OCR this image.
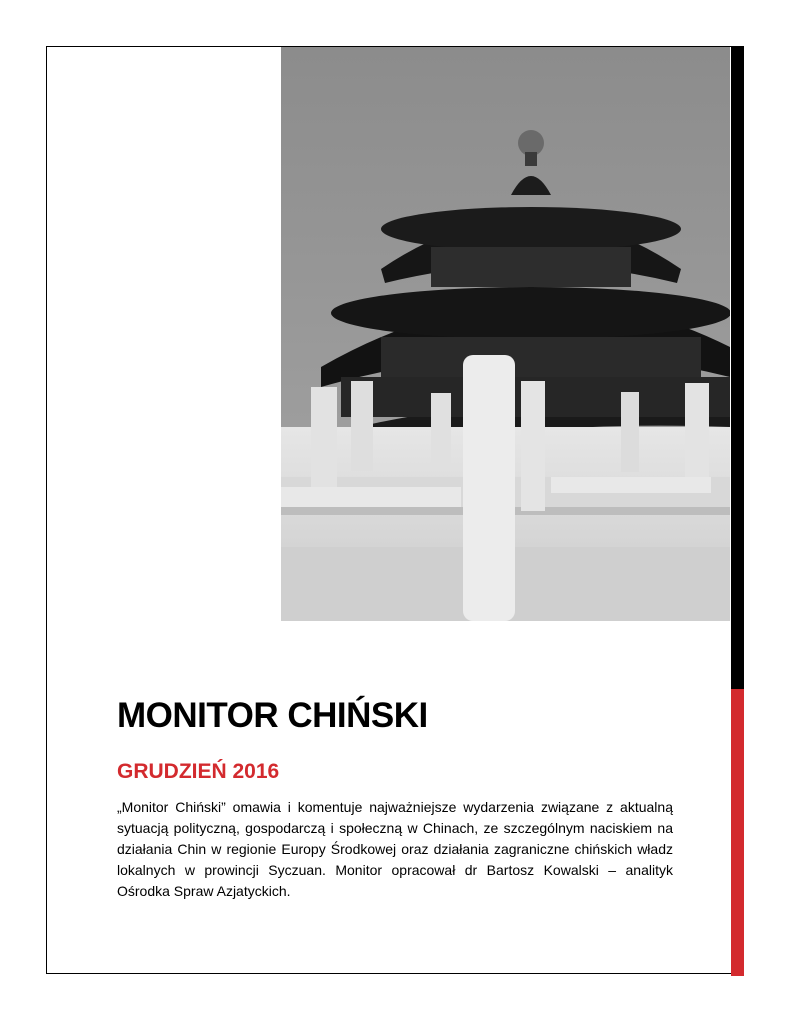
MONITOR CHIŃSKI
GRUDZIEŃ 2016

„Monitor Chiński” omawia i komentuje najważniejsze wydarzenia związane z aktualną sytuacją polityczną, gospodarczą i społeczną w Chinach, ze szczególnym naciskiem na działania Chin w regionie Europy Środkowej oraz działania zagraniczne chińskich władz lokalnych w prowincji Syczuan. Monitor opracował dr Bartosz Kowalski – analityk Ośrodka Spraw Azjatyckich.
